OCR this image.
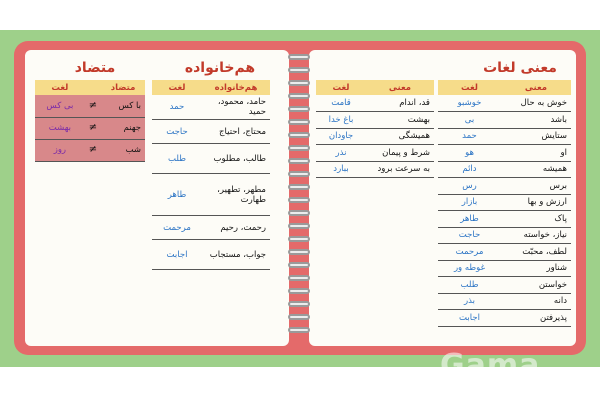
معنی لغات
معنی	لغت
خوش به حال	خوشبو
باشد	بی
ستایش	حمد
او	هو
همیشه	دائم
برس	رس
ارزش و بها	بازار
پاک	طاهر
نیاز، خواسته	حاجت
لطف، محبّت	مرحمت
شناور	غوطه ور
خواستن	طلب
دانه	بذر
پذیرفتن	اجابت
معنی	لغت
قد، اندام	قامت
بهشت	باغ خدا
همیشگی	جاودان
شرط و پیمان	نذر
به سرعت برود	ببارد
هم‌خانواده
هم‌خانواده	لغت
حامد، محمود، حمید	حمد
محتاج، احتیاج	حاجت
طالب، مطلوب	طلب
مطهر، تطهیر، طهارت	طاهر
رحمت، رحیم	مرحمت
جواب، مستجاب	اجابت
متضاد
متضاد		لغت
با کس	≠	بی کس
جهنم	≠	بهشت
شب	≠	روز
Gama
